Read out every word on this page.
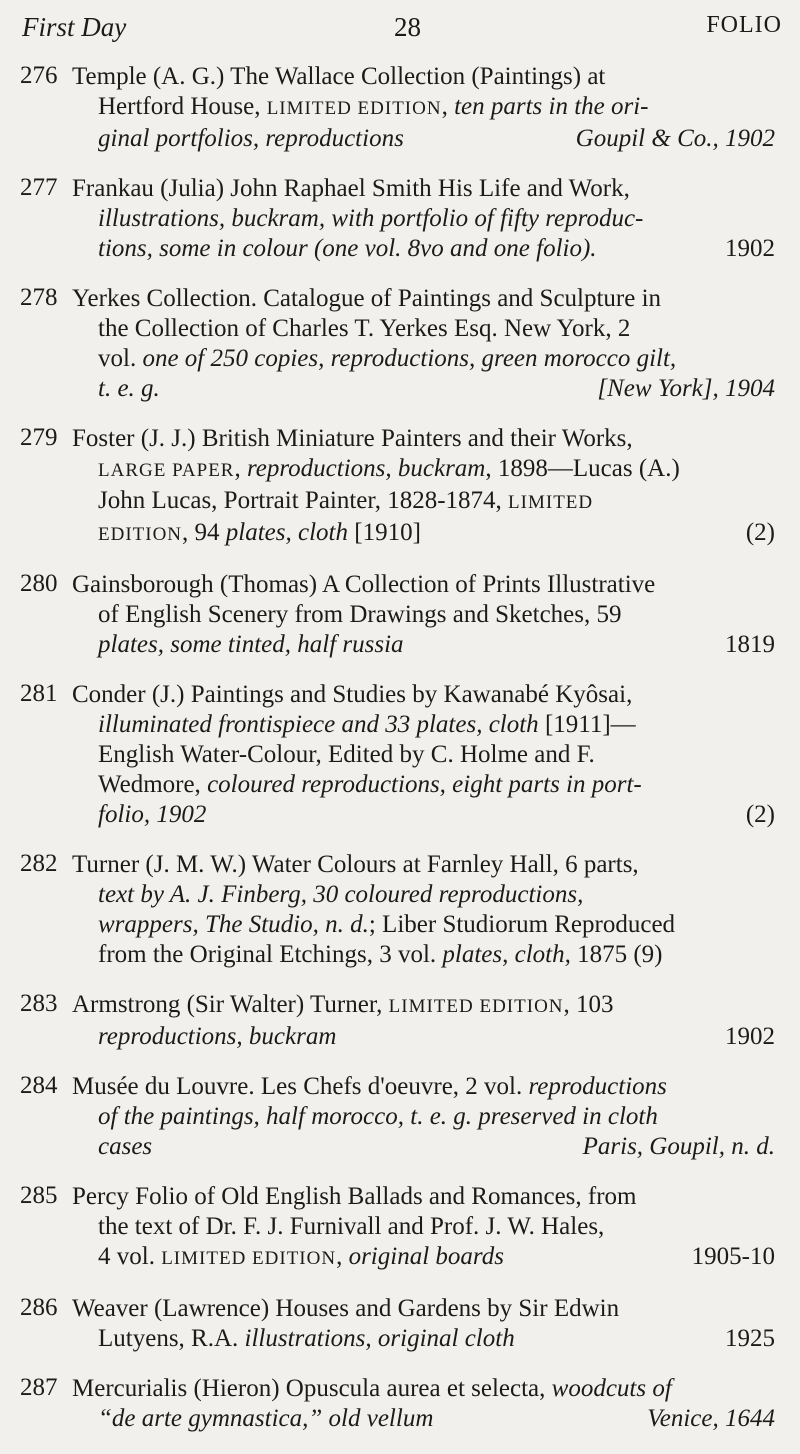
First Day	28	FOLIO
276 Temple (A. G.) The Wallace Collection (Paintings) at
Hertford House, LIMITED EDITION, ten parts in the ori-
ginal portfolios, reproductions	Goupil & Co., 1902
277 Frankau (Julia) John Raphael Smith His Life and Work,
illustrations, buckram, with portfolio of fifty reproduc-
tions, some in colour (one vol. 8vo and one folio).	1902
278 Yerkes Collection. Catalogue of Paintings and Sculpture in
the Collection of Charles T. Yerkes Esq. New York, 2
vol. one of 250 copies, reproductions, green morocco gilt,
t. e. g.	[New York], 1904
279 Foster (J. J.) British Miniature Painters and their Works,
LARGE PAPER, reproductions, buckram, 1898—Lucas (A.)
John Lucas, Portrait Painter, 1828-1874, LIMITED
EDITION, 94 plates, cloth [1910]	(2)
280 Gainsborough (Thomas) A Collection of Prints Illustrative
of English Scenery from Drawings and Sketches, 59
plates, some tinted, half russia	1819
281 Conder (J.) Paintings and Studies by Kawanabé Kyôsai,
illuminated frontispiece and 33 plates, cloth [1911]—
English Water-Colour, Edited by C. Holme and F.
Wedmore, coloured reproductions, eight parts in port-
folio, 1902	(2)
282 Turner (J. M. W.) Water Colours at Farnley Hall, 6 parts,
text by A. J. Finberg, 30 coloured reproductions,
wrappers, The Studio, n. d.; Liber Studiorum Reproduced
from the Original Etchings, 3 vol. plates, cloth, 1875 (9)
283 Armstrong (Sir Walter) Turner, LIMITED EDITION, 103
reproductions, buckram	1902
284 Musée du Louvre. Les Chefs d'oeuvre, 2 vol. reproductions
of the paintings, half morocco, t. e. g. preserved in cloth
cases	Paris, Goupil, n. d.
285 Percy Folio of Old English Ballads and Romances, from
the text of Dr. F. J. Furnivall and Prof. J. W. Hales,
4 vol. LIMITED EDITION, original boards	1905-10
286 Weaver (Lawrence) Houses and Gardens by Sir Edwin
Lutyens, R.A. illustrations, original cloth	1925
287 Mercurialis (Hieron) Opuscula aurea et selecta, woodcuts of
“de arte gymnastica,” old vellum	Venice, 1644
